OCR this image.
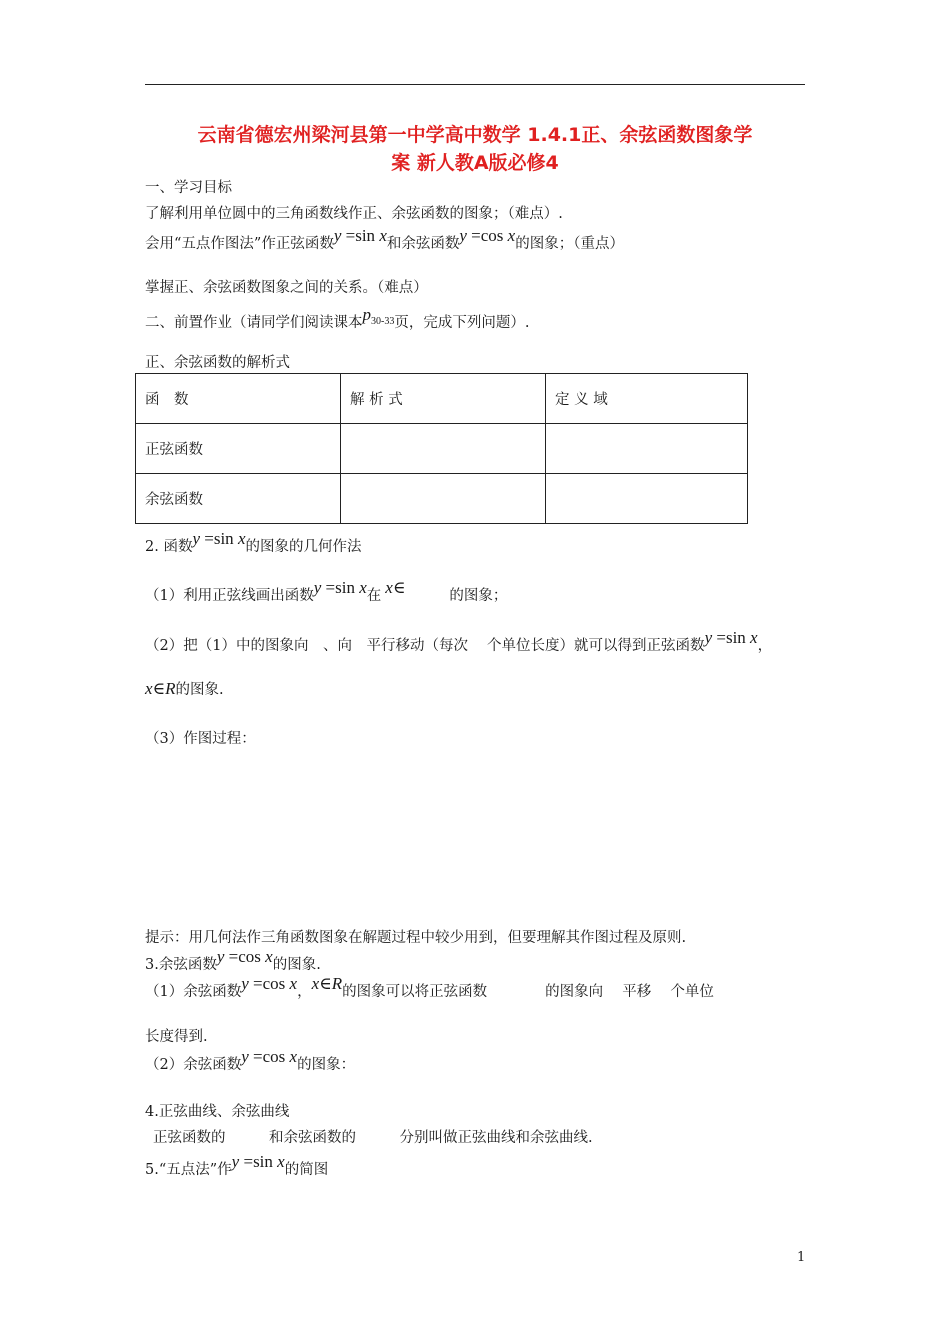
云南省德宏州梁河县第一中学高中数学 1.4.1正、余弦函数图象学
案 新人教A版必修4
一、学习目标
了解利用单位圆中的三角函数线作正、余弦函数的图象；（难点）.
会用“五点作图法”作正弦函数y =sin x和余弦函数y =cos x的图象；（重点）
掌握正、余弦函数图象之间的关系。（难点）
二、前置作业（请同学们阅读课本$p_{30-33}$页，完成下列问题）.
正、余弦函数的解析式
函　数	解 析 式	定 义 域
正弦函数		
余弦函数		
2. 函数y =sin x的图象的几何作法
（1）利用正弦线画出函数y =sin x在 x∈	的图象；
（2）把（1）中的图象向　、向　平行移动（每次　 个单位长度）就可以得到正弦函数y =sin x，
x∈R的图象.
（3）作图过程：
提示：用几何法作三角函数图象在解题过程中较少用到，但要理解其作图过程及原则.
3.余弦函数y =cos x的图象.
（1）余弦函数y =cos x，x∈R的图象可以将正弦函数　　　　的图象向　 平移　 个单位
长度得到.
（2）余弦函数y =cos x的图象：
4.正弦曲线、余弦曲线
正弦函数的　　　和余弦函数的　　　分别叫做正弦曲线和余弦曲线.
5.“五点法”作y =sin x的简图
1
